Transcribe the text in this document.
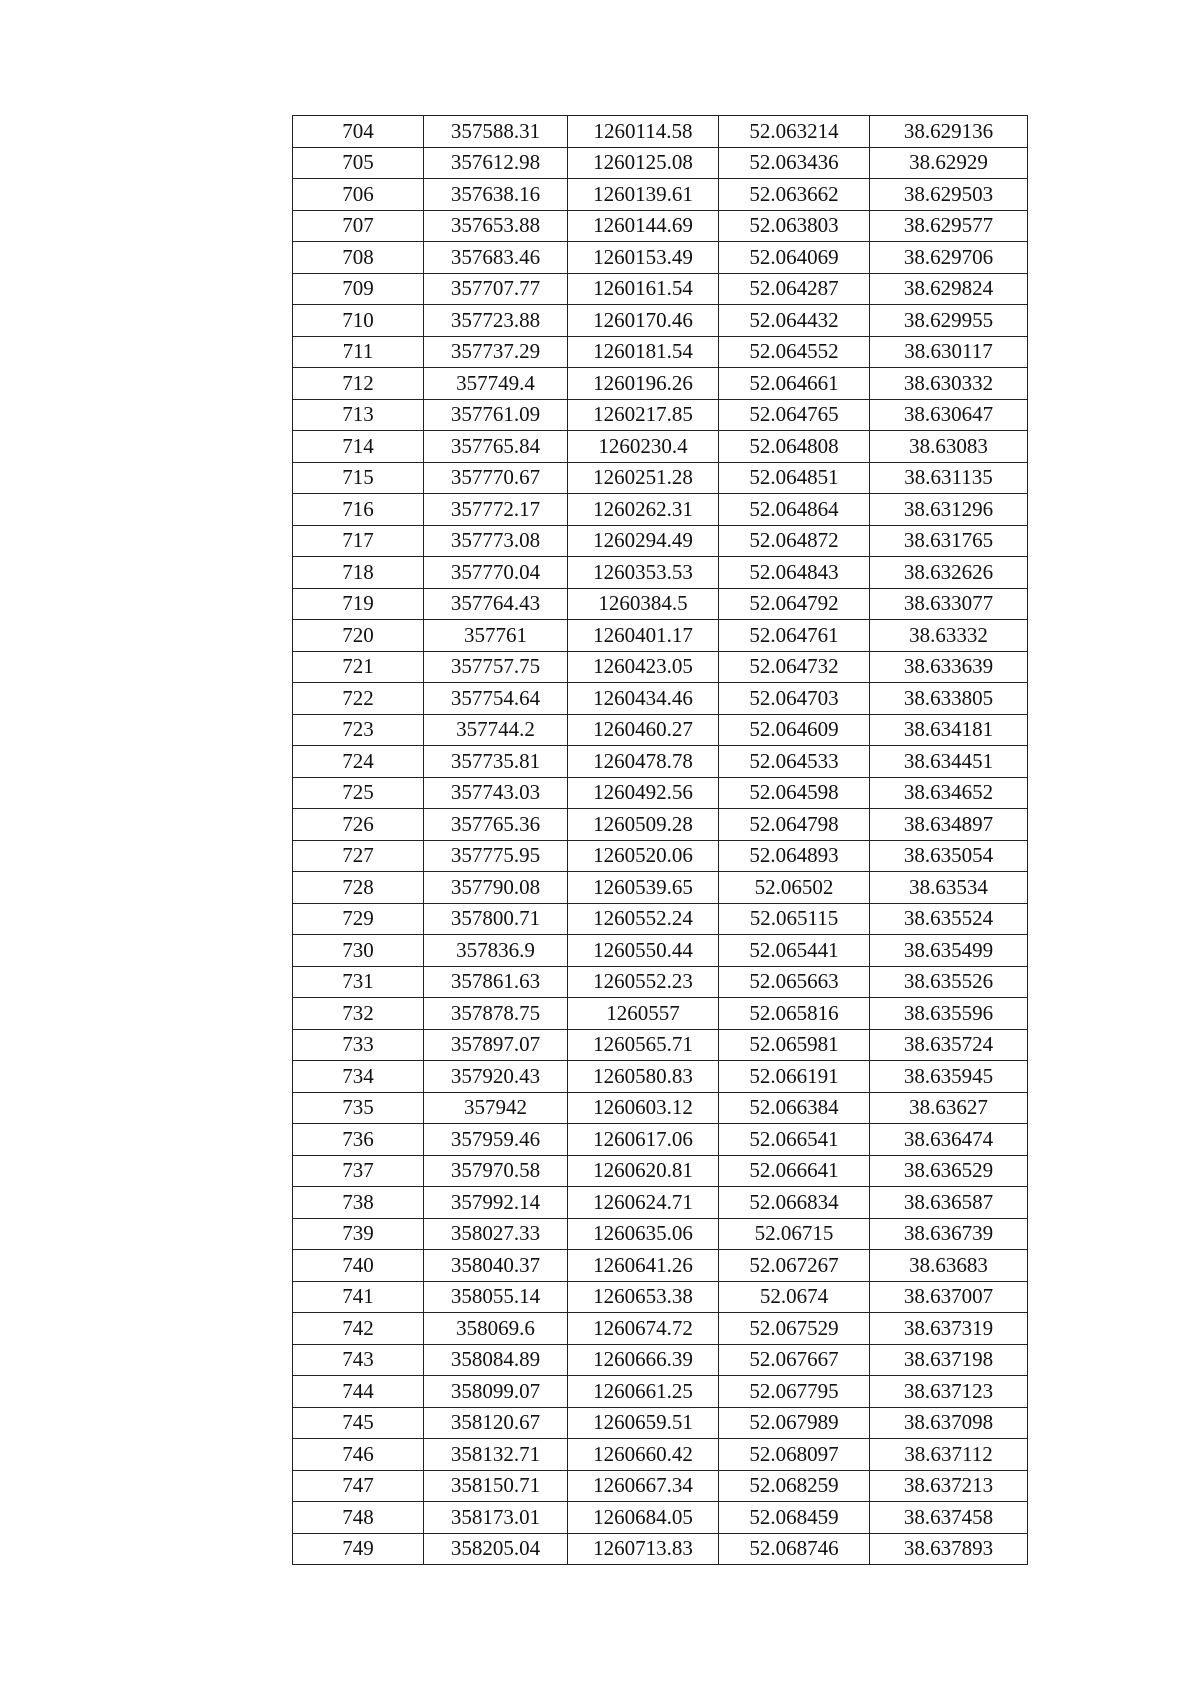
704	357588.31	1260114.58	52.063214	38.629136
705	357612.98	1260125.08	52.063436	38.62929
706	357638.16	1260139.61	52.063662	38.629503
707	357653.88	1260144.69	52.063803	38.629577
708	357683.46	1260153.49	52.064069	38.629706
709	357707.77	1260161.54	52.064287	38.629824
710	357723.88	1260170.46	52.064432	38.629955
711	357737.29	1260181.54	52.064552	38.630117
712	357749.4	1260196.26	52.064661	38.630332
713	357761.09	1260217.85	52.064765	38.630647
714	357765.84	1260230.4	52.064808	38.63083
715	357770.67	1260251.28	52.064851	38.631135
716	357772.17	1260262.31	52.064864	38.631296
717	357773.08	1260294.49	52.064872	38.631765
718	357770.04	1260353.53	52.064843	38.632626
719	357764.43	1260384.5	52.064792	38.633077
720	357761	1260401.17	52.064761	38.63332
721	357757.75	1260423.05	52.064732	38.633639
722	357754.64	1260434.46	52.064703	38.633805
723	357744.2	1260460.27	52.064609	38.634181
724	357735.81	1260478.78	52.064533	38.634451
725	357743.03	1260492.56	52.064598	38.634652
726	357765.36	1260509.28	52.064798	38.634897
727	357775.95	1260520.06	52.064893	38.635054
728	357790.08	1260539.65	52.06502	38.63534
729	357800.71	1260552.24	52.065115	38.635524
730	357836.9	1260550.44	52.065441	38.635499
731	357861.63	1260552.23	52.065663	38.635526
732	357878.75	1260557	52.065816	38.635596
733	357897.07	1260565.71	52.065981	38.635724
734	357920.43	1260580.83	52.066191	38.635945
735	357942	1260603.12	52.066384	38.63627
736	357959.46	1260617.06	52.066541	38.636474
737	357970.58	1260620.81	52.066641	38.636529
738	357992.14	1260624.71	52.066834	38.636587
739	358027.33	1260635.06	52.06715	38.636739
740	358040.37	1260641.26	52.067267	38.63683
741	358055.14	1260653.38	52.0674	38.637007
742	358069.6	1260674.72	52.067529	38.637319
743	358084.89	1260666.39	52.067667	38.637198
744	358099.07	1260661.25	52.067795	38.637123
745	358120.67	1260659.51	52.067989	38.637098
746	358132.71	1260660.42	52.068097	38.637112
747	358150.71	1260667.34	52.068259	38.637213
748	358173.01	1260684.05	52.068459	38.637458
749	358205.04	1260713.83	52.068746	38.637893
